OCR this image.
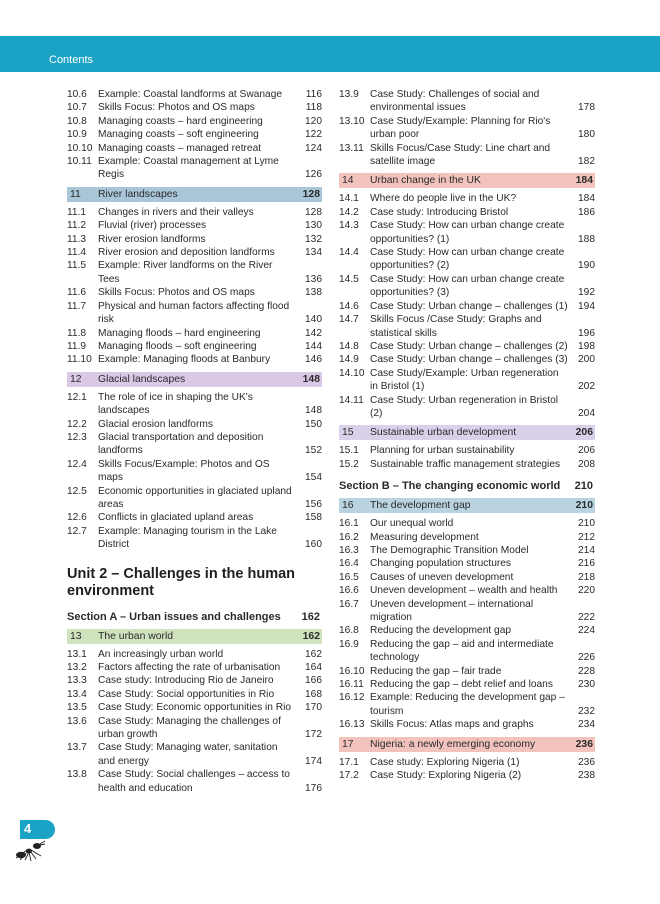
Contents
10.6 Example: Coastal landforms at Swanage	116
10.7 Skills Focus: Photos and OS maps	118
10.8 Managing coasts – hard engineering	120
10.9 Managing coasts – soft engineering	122
10.10 Managing coasts – managed retreat	124
10.11 Example: Coastal management at Lyme Regis	126
11 River landscapes	128
11.1 Changes in rivers and their valleys	128
11.2 Fluvial (river) processes	130
11.3 River erosion landforms	132
11.4 River erosion and deposition landforms	134
11.5 Example: River landforms on the River Tees	136
11.6 Skills Focus: Photos and OS maps	138
11.7 Physical and human factors affecting flood risk	140
11.8 Managing floods – hard engineering	142
11.9 Managing floods – soft engineering	144
11.10 Example: Managing floods at Banbury	146
12 Glacial landscapes	148
12.1 The role of ice in shaping the UK's landscapes	148
12.2 Glacial erosion landforms	150
12.3 Glacial transportation and deposition landforms	152
12.4 Skills Focus/Example: Photos and OS maps	154
12.5 Economic opportunities in glaciated upland areas	156
12.6 Conflicts in glaciated upland areas	158
12.7 Example: Managing tourism in the Lake District	160
Unit 2 – Challenges in the human environment
Section A – Urban issues and challenges 162
13 The urban world	162
13.1 An increasingly urban world	162
13.2 Factors affecting the rate of urbanisation	164
13.3 Case study: Introducing Rio de Janeiro	166
13.4 Case Study: Social opportunities in Rio	168
13.5 Case Study: Economic opportunities in Rio	170
13.6 Case Study: Managing the challenges of urban growth	172
13.7 Case Study: Managing water, sanitation and energy	174
13.8 Case Study: Social challenges – access to health and education	176
13.9 Case Study: Challenges of social and environmental issues	178
13.10 Case Study/Example: Planning for Rio's urban poor	180
13.11 Skills Focus/Case Study: Line chart and satellite image	182
14 Urban change in the UK	184
14.1 Where do people live in the UK?	184
14.2 Case study: Introducing Bristol	186
14.3 Case Study: How can urban change create opportunities? (1)	188
14.4 Case Study: How can urban change create opportunities? (2)	190
14.5 Case Study: How can urban change create opportunities? (3)	192
14.6 Case Study: Urban change – challenges (1) 194
14.7 Skills Focus /Case Study: Graphs and statistical skills	196
14.8 Case Study: Urban change – challenges (2) 198
14.9 Case Study: Urban change – challenges (3) 200
14.10 Case Study/Example: Urban regeneration in Bristol (1)	202
14.11 Case Study: Urban regeneration in Bristol (2)	204
15 Sustainable urban development	206
15.1 Planning for urban sustainability	206
15.2 Sustainable traffic management strategies	208
Section B – The changing economic world 210
16 The development gap	210
16.1 Our unequal world	210
16.2 Measuring development	212
16.3 The Demographic Transition Model	214
16.4 Changing population structures	216
16.5 Causes of uneven development	218
16.6 Uneven development – wealth and health	220
16.7 Uneven development – international migration	222
16.8 Reducing the development gap	224
16.9 Reducing the gap – aid and intermediate technology	226
16.10 Reducing the gap – fair trade	228
16.11 Reducing the gap – debt relief and loans	230
16.12 Example: Reducing the development gap – tourism	232
16.13 Skills Focus: Atlas maps and graphs	234
17 Nigeria: a newly emerging economy	236
17.1 Case study: Exploring Nigeria (1)	236
17.2 Case Study: Exploring Nigeria (2)	238
4
